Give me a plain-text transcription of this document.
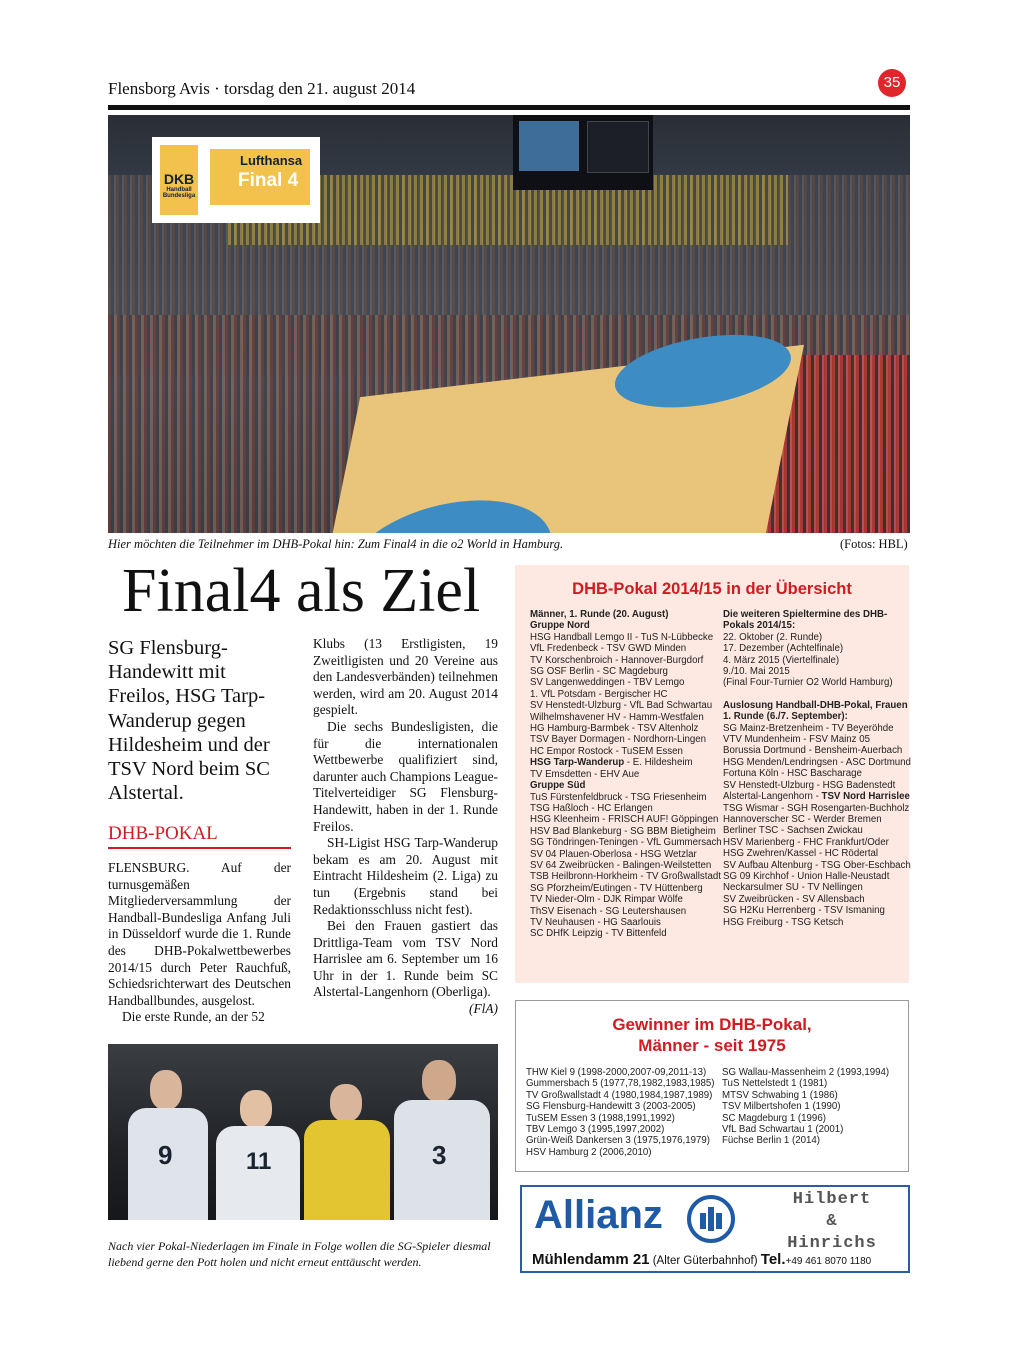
Flensborg Avis · torsdag den 21. august 2014	35
DKB
Handball
Bundesliga
Lufthansa
Final 4
Hier möchten die Teilnehmer im DHB-Pokal hin: Zum Final4 in die o2 World in Hamburg.	(Fotos: HBL)
Final4 als Ziel
SG Flensburg-Handewitt mit Freilos, HSG Tarp-Wanderup gegen Hildesheim und der TSV Nord beim SC Alstertal.
DHB-POKAL

FLENSBURG. Auf der turnusgemäßen Mitgliederversammlung der Handball-Bundesliga Anfang Juli in Düsseldorf wurde die 1. Runde des DHB-Pokalwettbewerbes 2014/15 durch Peter Rauchfuß, Schiedsrichterwart des Deutschen Handballbundes, ausgelost.

Die erste Runde, an der 52

Klubs (13 Erstligisten, 19 Zweitligisten und 20 Vereine aus den Landesverbänden) teilnehmen werden, wird am 20. August 2014 gespielt.

Die sechs Bundesligisten, die für die internationalen Wettbewerbe qualifiziert sind, darunter auch Champions League-Titelverteidiger SG Flensburg-Handewitt, haben in der 1. Runde Freilos.

SH-Ligist HSG Tarp-Wanderup bekam es am 20. August mit Eintracht Hildesheim (2. Liga) zu tun (Ergebnis stand bei Redaktionsschluss nicht fest).

Bei den Frauen gastiert das Drittliga-Team vom TSV Nord Harrislee am 6. September um 16 Uhr in der 1. Runde beim SC Alstertal-Langenhorn (Oberliga).

(FlA)

DHB-Pokal 2014/15 in der Übersicht
Männer, 1. Runde (20. August)
Gruppe Nord
HSG Handball Lemgo II - TuS N-Lübbecke
VfL Fredenbeck - TSV GWD Minden
TV Korschenbroich - Hannover-Burgdorf
SG OSF Berlin - SC Magdeburg
SV Langenweddingen - TBV Lemgo
1. VfL Potsdam - Bergischer HC
SV Henstedt-Ulzburg - VfL Bad Schwartau
Wilhelmshavener HV - Hamm-Westfalen
HG Hamburg-Barmbek - TSV Altenholz
TSV Bayer Dormagen - Nordhorn-Lingen
HC Empor Rostock - TuSEM Essen
HSG Tarp-Wanderup - E. Hildesheim
TV Emsdetten - EHV Aue
Gruppe Süd
TuS Fürstenfeldbruck - TSG Friesenheim
TSG Haßloch - HC Erlangen
HSG Kleenheim - FRISCH AUF! Göppingen
HSV Bad Blankeburg - SG BBM Bietigheim
SG Töndringen-Teningen - VfL Gummersach
SV 04 Plauen-Oberlosa - HSG Wetzlar
SV 64 Zweibrücken - Balingen-Weilstetten
TSB Heilbronn-Horkheim - TV Großwallstadt
SG Pforzheim/Eutingen - TV Hüttenberg
TV Nieder-Olm - DJK Rimpar Wölfe
ThSV Eisenach - SG Leutershausen
TV Neuhausen - HG Saarlouis
SC DHfK Leipzig - TV Bittenfeld
Die weiteren Spieltermine des DHB-
Pokals 2014/15:
22. Oktober (2. Runde)
17. Dezember (Achtelfinale)
4. März 2015 (Viertelfinale)
9./10. Mai 2015
(Final Four-Turnier O2 World Hamburg)
Auslosung Handball-DHB-Pokal, Frauen
1. Runde (6./7. September):
SG Mainz-Bretzenheim - TV Beyeröhde
VTV Mundenheim - FSV Mainz 05
Borussia Dortmund - Bensheim-Auerbach
HSG Menden/Lendringsen - ASC Dortmund
Fortuna Köln - HSC Bascharage
SV Henstedt-Ulzburg - HSG Badenstedt
Alstertal-Langenhorn - TSV Nord Harrislee
TSG Wismar - SGH Rosengarten-Buchholz
Hannoverscher SC - Werder Bremen
Berliner TSC - Sachsen Zwickau
HSV Marienberg - FHC Frankfurt/Oder
HSG Zwehren/Kassel - HC Rödertal
SV Aufbau Altenburg - TSG Ober-Eschbach
SG 09 Kirchhof - Union Halle-Neustadt
Neckarsulmer SU - TV Nellingen
SV Zweibrücken - SV Allensbach
SG H2Ku Herrenberg - TSV Ismaning
HSG Freiburg - TSG Ketsch
Gewinner im DHB-Pokal,
Männer - seit 1975
THW Kiel 9 (1998-2000,2007-09,2011-13)
Gummersbach 5 (1977,78,1982,1983,1985)
TV Großwallstadt 4 (1980,1984,1987,1989)
SG Flensburg-Handewitt 3 (2003-2005)
TuSEM Essen 3 (1988,1991,1992)
TBV Lemgo 3 (1995,1997,2002)
Grün-Weiß Dankersen 3 (1975,1976,1979)
HSV Hamburg 2 (2006,2010)
SG Wallau-Massenheim 2 (1993,1994)
TuS Nettelstedt 1 (1981)
MTSV Schwabing 1 (1986)
TSV Milbertshofen 1 (1990)
SC Magdeburg 1 (1996)
VfL Bad Schwartau 1 (2001)
Füchse Berlin 1 (2014)
Allianz	Hilbert
&
Hinrichs
Mühlendamm 21 (Alter Güterbahnhof) Tel.+49 461 8070 1180
9	11	3
Nach vier Pokal-Niederlagen im Finale in Folge wollen die SG-Spieler diesmal liebend gerne den Pott holen und nicht erneut enttäuscht werden.
